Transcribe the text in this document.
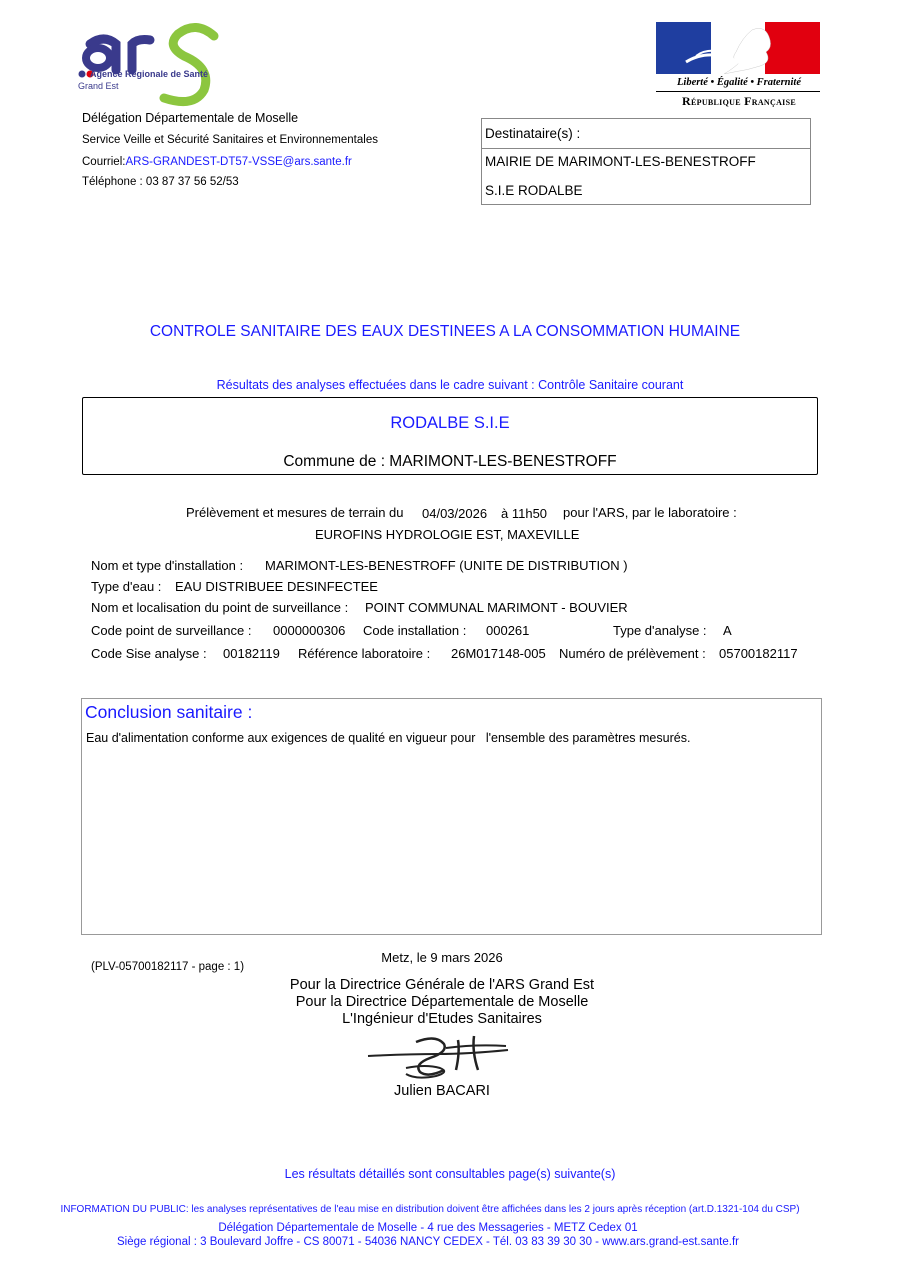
Agence Régionale de Santé
Grand Est	Liberté • Égalité • Fraternité
République Française
Délégation Départementale de Moselle
Service Veille et Sécurité Sanitaires et Environnementales
Courriel:ARS-GRANDEST-DT57-VSSE@ars.sante.fr
Téléphone : 03 87 37 56 52/53
Destinataire(s) :
MAIRIE DE MARIMONT-LES-BENESTROFF
S.I.E RODALBE
CONTROLE SANITAIRE DES EAUX DESTINEES A LA CONSOMMATION HUMAINE
Résultats des analyses effectuées dans le cadre suivant : Contrôle Sanitaire courant
RODALBE S.I.E
Commune de : MARIMONT-LES-BENESTROFF
Prélèvement et mesures de terrain du 04/03/2026 à 11h50 pour l'ARS, par le laboratoire :
EUROFINS HYDROLOGIE EST, MAXEVILLE
Nom et type d'installation : MARIMONT-LES-BENESTROFF (UNITE DE DISTRIBUTION )
Type d'eau : EAU DISTRIBUEE DESINFECTEE
Nom et localisation du point de surveillance :	POINT COMMUNAL MARIMONT - BOUVIER
Code point de surveillance : 0000000306 Code installation : 000261	Type d'analyse : A
Code Sise analyse : 00182119 Référence laboratoire : 26M017148-005 Numéro de prélèvement : 05700182117
Conclusion sanitaire :
Eau d'alimentation conforme aux exigences de qualité en vigueur pour   l'ensemble des paramètres mesurés.
Metz, le 9 mars 2026
(PLV-05700182117 - page : 1)
Pour la Directrice Générale de l'ARS Grand Est
Pour la Directrice Départementale de Moselle
L'Ingénieur d'Etudes Sanitaires
Julien BACARI
Les résultats détaillés sont consultables page(s) suivante(s)
INFORMATION DU PUBLIC: les analyses représentatives de l'eau mise en distribution doivent être affichées dans les 2 jours après réception (art.D.1321-104 du CSP)
Délégation Départementale de Moselle - 4 rue des Messageries - METZ Cedex 01
Siège régional : 3 Boulevard Joffre - CS 80071 - 54036 NANCY CEDEX - Tél. 03 83 39 30 30 - www.ars.grand-est.sante.fr
